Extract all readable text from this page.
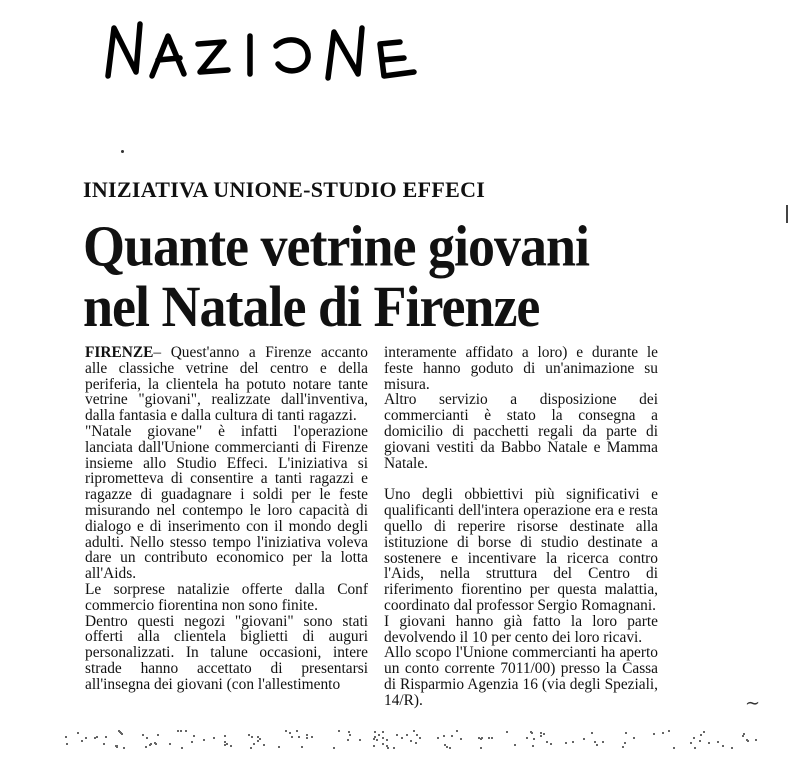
INIZIATIVA UNIONE-STUDIO EFFECI
Quante vetrine giovani
nel Natale di Firenze

FIRENZE– Quest'anno a Firenze accanto alle classiche vetrine del centro e della periferia, la clientela ha potuto notare tante vetrine "giovani", realizzate dall'inventiva, dalla fantasia e dalla cultura di tanti ragazzi.

"Natale giovane" è infatti l'operazione lanciata dall'Unione commercianti di Firenze insieme allo Studio Effeci. L'iniziativa si riprometteva di consentire a tanti ragazzi e ragazze di guadagnare i soldi per le feste misurando nel contempo le loro capacità di dialogo e di inserimento con il mondo degli adulti. Nello stesso tempo l'iniziativa voleva dare un contributo economico per la lotta all'Aids.

Le sorprese natalizie offerte dalla Conf commercio fiorentina non sono finite.

Dentro questi negozi "giovani" sono stati offerti alla clientela biglietti di auguri personalizzati. In talune occasioni, intere strade hanno accettato di presentarsi all'insegna dei giovani (con l'allestimento

interamente affidato a loro) e durante le feste hanno goduto di un'animazione su misura.

Altro servizio a disposizione dei commercianti è stato la consegna a domicilio di pacchetti regali da parte di giovani vestiti da Babbo Natale e Mamma Natale.

Uno degli obbiettivi più significativi e qualificanti dell'intera operazione era e resta quello di reperire risorse destinate alla istituzione di borse di studio destinate a sostenere e incentivare la ricerca contro l'Aids, nella struttura del Centro di riferimento fiorentino per questa malattia, coordinato dal professor Sergio Romagnani.

I giovani hanno già fatto la loro parte devolvendo il 10 per cento dei loro ricavi.

Allo scopo l'Unione commercianti ha aperto un conto corrente 7011/00) presso la Cassa di Risparmio Agenzia 16 (via degli Speziali, 14/R).	∼
